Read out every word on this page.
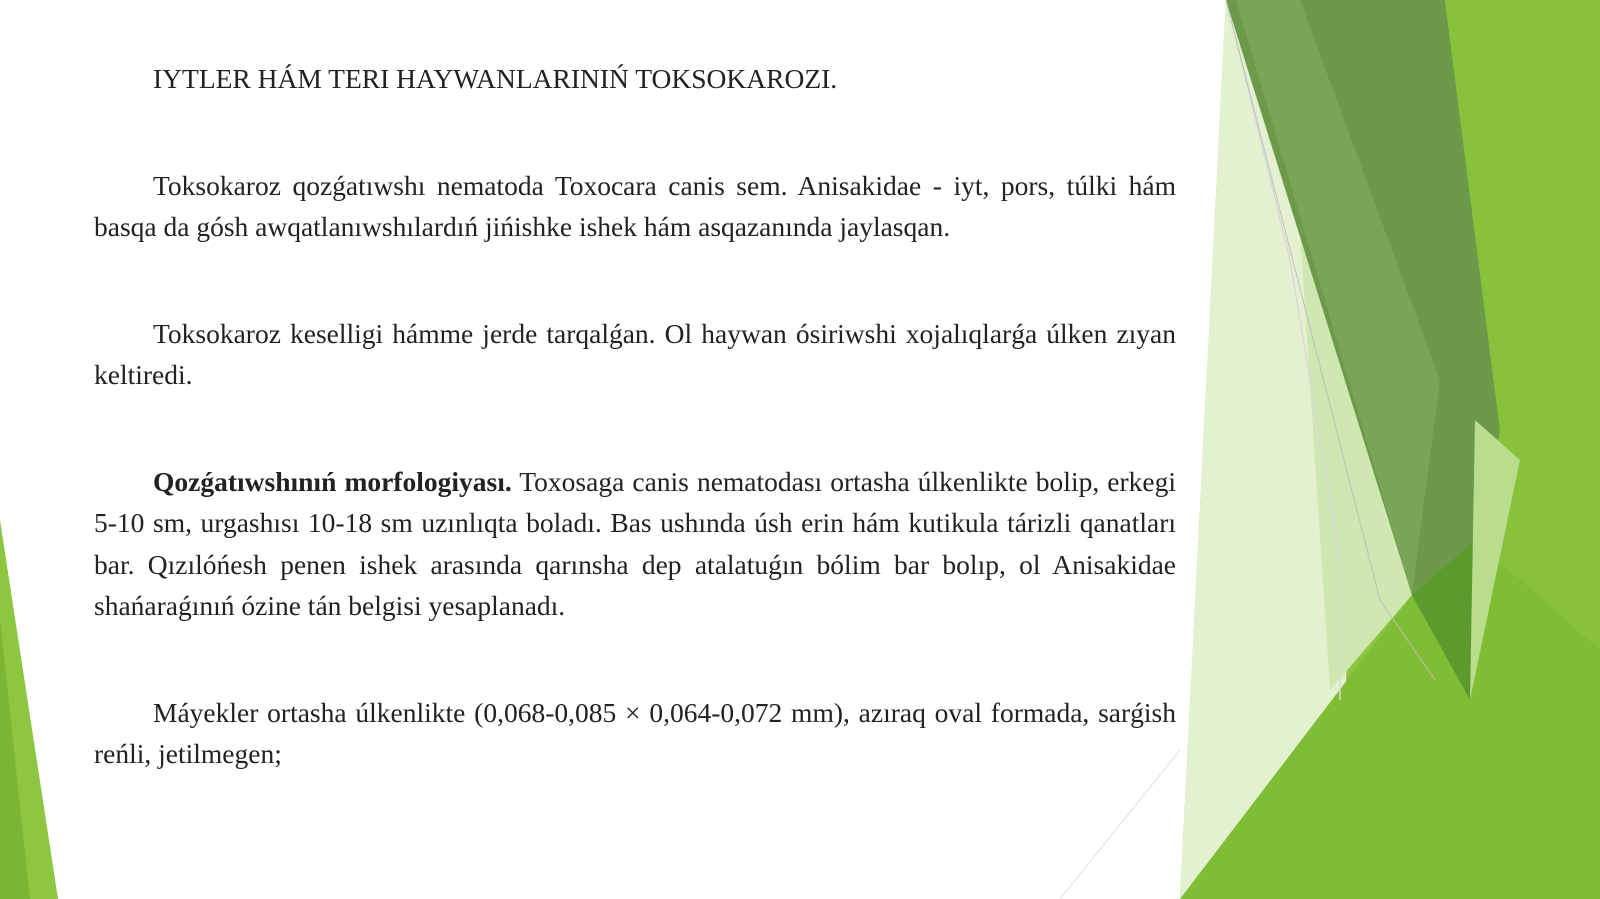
IYTLER HÁM TERI HAYWANLARINIŃ TOKSOKAROZI.

Toksokaroz qozǵatıwshı nematoda Toxocara canis sem. Anisakidae - iyt, pors, túlki hám basqa da gósh awqatlanıwshılardıń jińishke ishek hám asqazanında jaylasqan.

Toksokaroz keselligi hámme jerde tarqalǵan. Ol haywan ósiriwshi xojalıqlarǵa úlken zıyan keltiredi.

Qozǵatıwshınıń morfologiyası. Toxosaga canis nematodası ortasha úlkenlikte bolip, erkegi 5-10 sm, urgashısı 10-18 sm uzınlıqta boladı. Bas ushında úsh erin hám kutikula tárizli qanatları bar. Qızılóńesh penen ishek arasında qarınsha dep atalatuǵın bólim bar bolıp, ol Anisakidae shańaraǵınıń ózine tán belgisi yesaplanadı.

Máyekler ortasha úlkenlikte (0,068-0,085 × 0,064-0,072 mm), azıraq oval formada, sarǵish reńli, jetilmegen;
